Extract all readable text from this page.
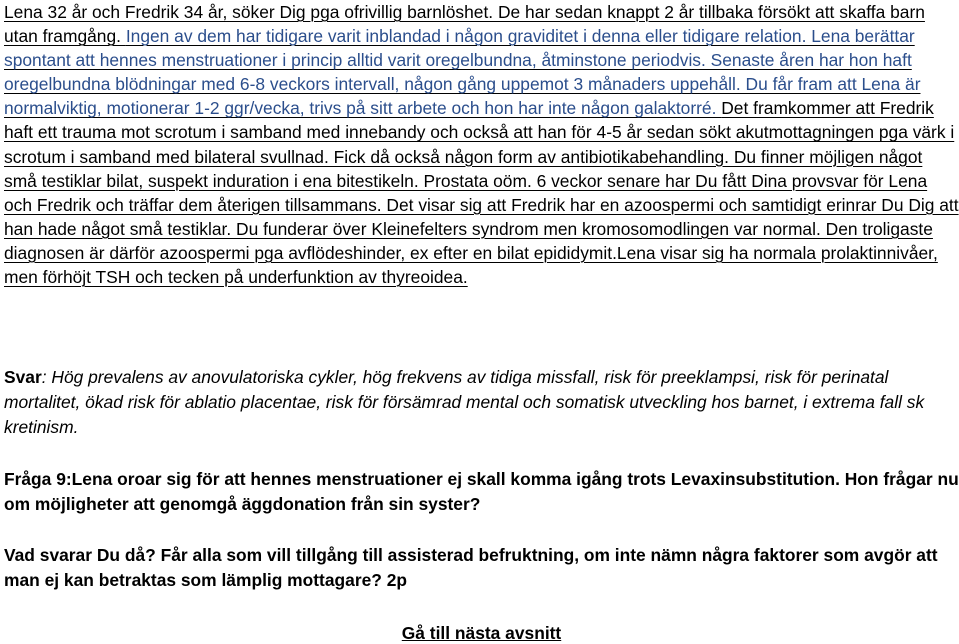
Lena 32 år och Fredrik 34 år, söker Dig pga ofrivillig barnlöshet. De har sedan knappt 2 år tillbaka försökt att skaffa barn utan framgång. Ingen av dem har tidigare varit inblandad i någon graviditet i denna eller tidigare relation. Lena berättar spontant att hennes menstruationer i princip alltid varit oregelbundna, åtminstone periodvis. Senaste åren har hon haft oregelbundna blödningar med 6-8 veckors intervall, någon gång uppemot 3 månaders uppehåll. Du får fram att Lena är normalviktig, motionerar 1-2 ggr/vecka, trivs på sitt arbete och hon har inte någon galaktorré. Det framkommer att Fredrik haft ett trauma mot scrotum i samband med innebandy och också att han för 4-5 år sedan sökt akutmottagningen pga värk i scrotum i samband med bilateral svullnad. Fick då också någon form av antibiotikabehandling. Du finner möjligen något små testiklar bilat, suspekt induration i ena bitestikeln. Prostata oöm. 6 veckor senare har Du fått Dina provsvar för Lena och Fredrik och träffar dem återigen tillsammans. Det visar sig att Fredrik har en azoospermi och samtidigt erinrar Du Dig att han hade något små testiklar. Du funderar över Kleinefelters syndrom men kromosomodlingen var normal. Den troligaste diagnosen är därför azoospermi pga avflödeshinder, ex efter en bilat epididymit.Lena visar sig ha normala prolaktinnivåer, men förhöjt TSH och tecken på underfunktion av thyreoidea.

Svar: Hög prevalens av anovulatoriska cykler, hög frekvens av tidiga missfall, risk för preeklampsi, risk för perinatal mortalitet, ökad risk för ablatio placentae, risk för försämrad mental och somatisk utveckling hos barnet, i extrema fall sk kretinism.

Fråga 9:Lena oroar sig för att hennes menstruationer ej skall komma igång trots Levaxinsubstitution. Hon frågar nu om möjligheter att genomgå äggdonation från sin syster?

Vad svarar Du då? Får alla som vill tillgång till assisterad befruktning, om inte nämn några faktorer som avgör att man ej kan betraktas som lämplig mottagare? 2p

Gå till nästa avsnitt
